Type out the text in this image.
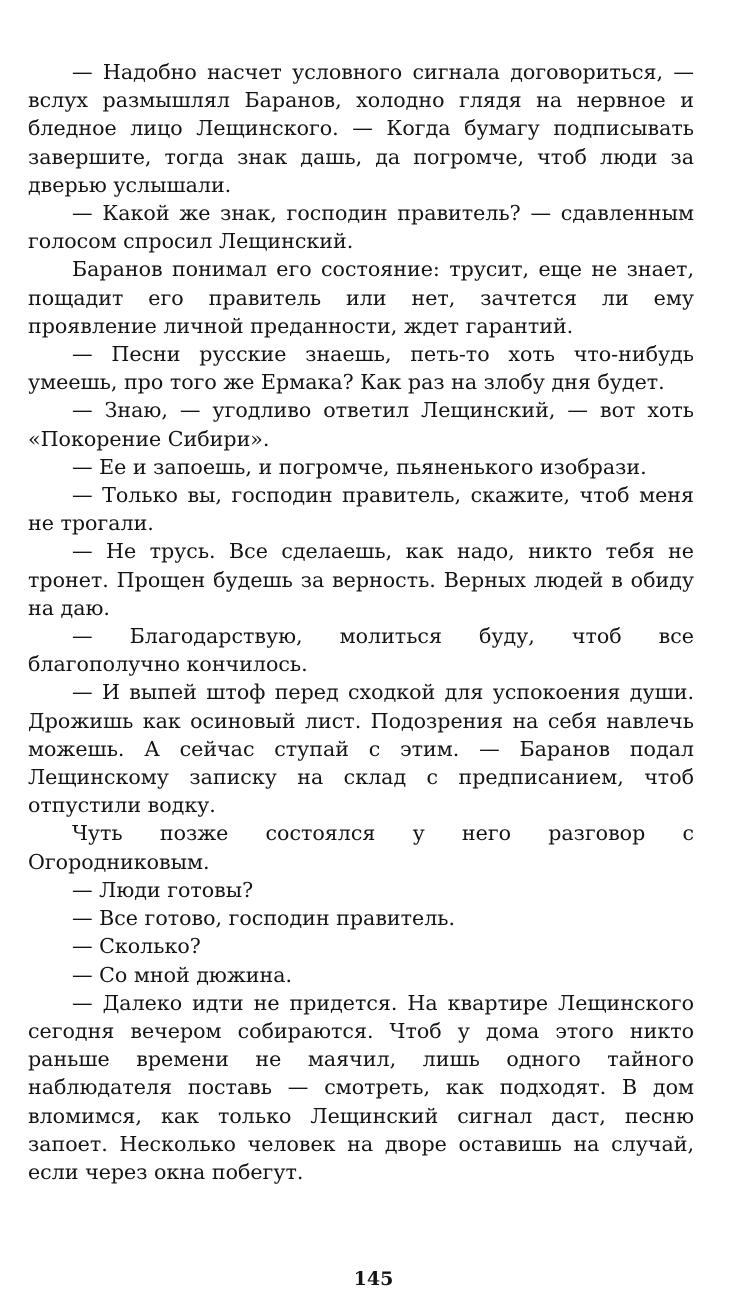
— Надобно насчет условного сигнала договориться, — вслух размышлял Баранов, холодно глядя на нервное и бледное лицо Лещинского. — Когда бумагу подписывать завершите, тогда знак дашь, да погромче, чтоб люди за дверью услышали.

— Какой же знак, господин правитель? — сдавленным голосом спросил Лещинский.

Баранов понимал его состояние: трусит, еще не знает, пощадит его правитель или нет, зачтется ли ему проявление личной преданности, ждет гарантий.

— Песни русские знаешь, петь-то хоть что-нибудь умеешь, про того же Ермака? Как раз на злобу дня будет.

— Знаю, — угодливо ответил Лещинский, — вот хоть «Покорение Сибири».

— Ее и запоешь, и погромче, пьяненького изобрази.

— Только вы, господин правитель, скажите, чтоб меня не трогали.

— Не трусь. Все сделаешь, как надо, никто тебя не тронет. Прощен будешь за верность. Верных людей в обиду на даю.

— Благодарствую, молиться буду, чтоб все благополучно кончилось.

— И выпей штоф перед сходкой для успокоения души. Дрожишь как осиновый лист. Подозрения на себя навлечь можешь. А сейчас ступай с этим. — Баранов подал Лещинскому записку на склад с предписанием, чтоб отпустили водку.

Чуть позже состоялся у него разговор с Огородниковым.

— Люди готовы?

— Все готово, господин правитель.

— Сколько?

— Со мной дюжина.

— Далеко идти не придется. На квартире Лещинского сегодня вечером собираются. Чтоб у дома этого никто раньше времени не маячил, лишь одного тайного наблюдателя поставь — смотреть, как подходят. В дом вломимся, как только Лещинский сигнал даст, песню запоет. Несколько человек на дворе оставишь на случай, если через окна побегут.

145
